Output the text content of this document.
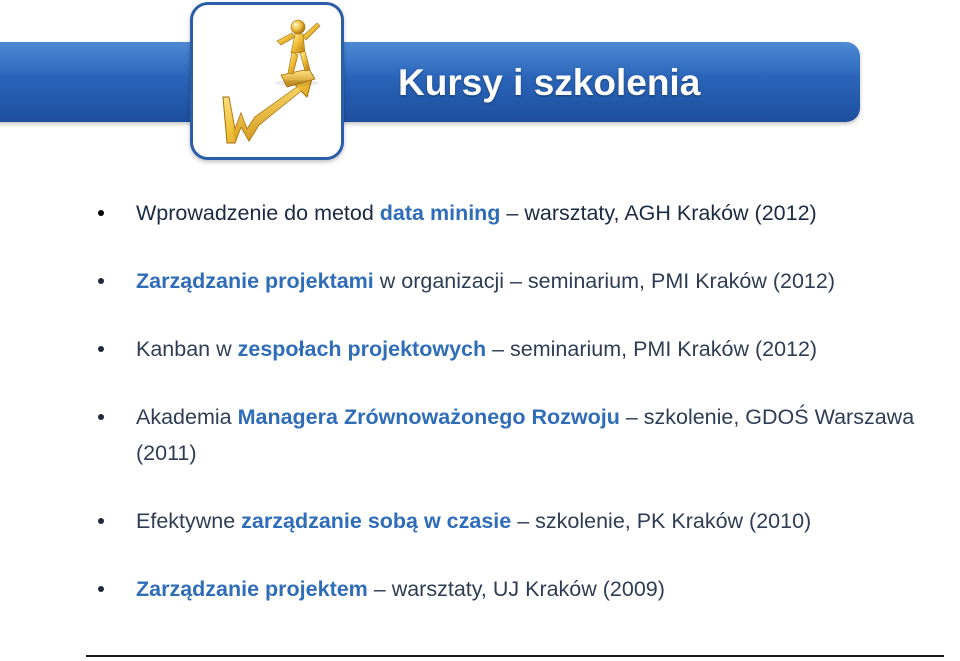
Kursy i szkolenia
Wprowadzenie do metod data mining – warsztaty, AGH Kraków (2012)
Zarządzanie projektami w organizacji – seminarium, PMI Kraków (2012)
Kanban w zespołach projektowych – seminarium, PMI Kraków (2012)
Akademia Managera Zrównoważonego Rozwoju – szkolenie, GDOŚ Warszawa (2011)
Efektywne zarządzanie sobą w czasie – szkolenie, PK Kraków (2010)
Zarządzanie projektem – warsztaty, UJ Kraków (2009)
